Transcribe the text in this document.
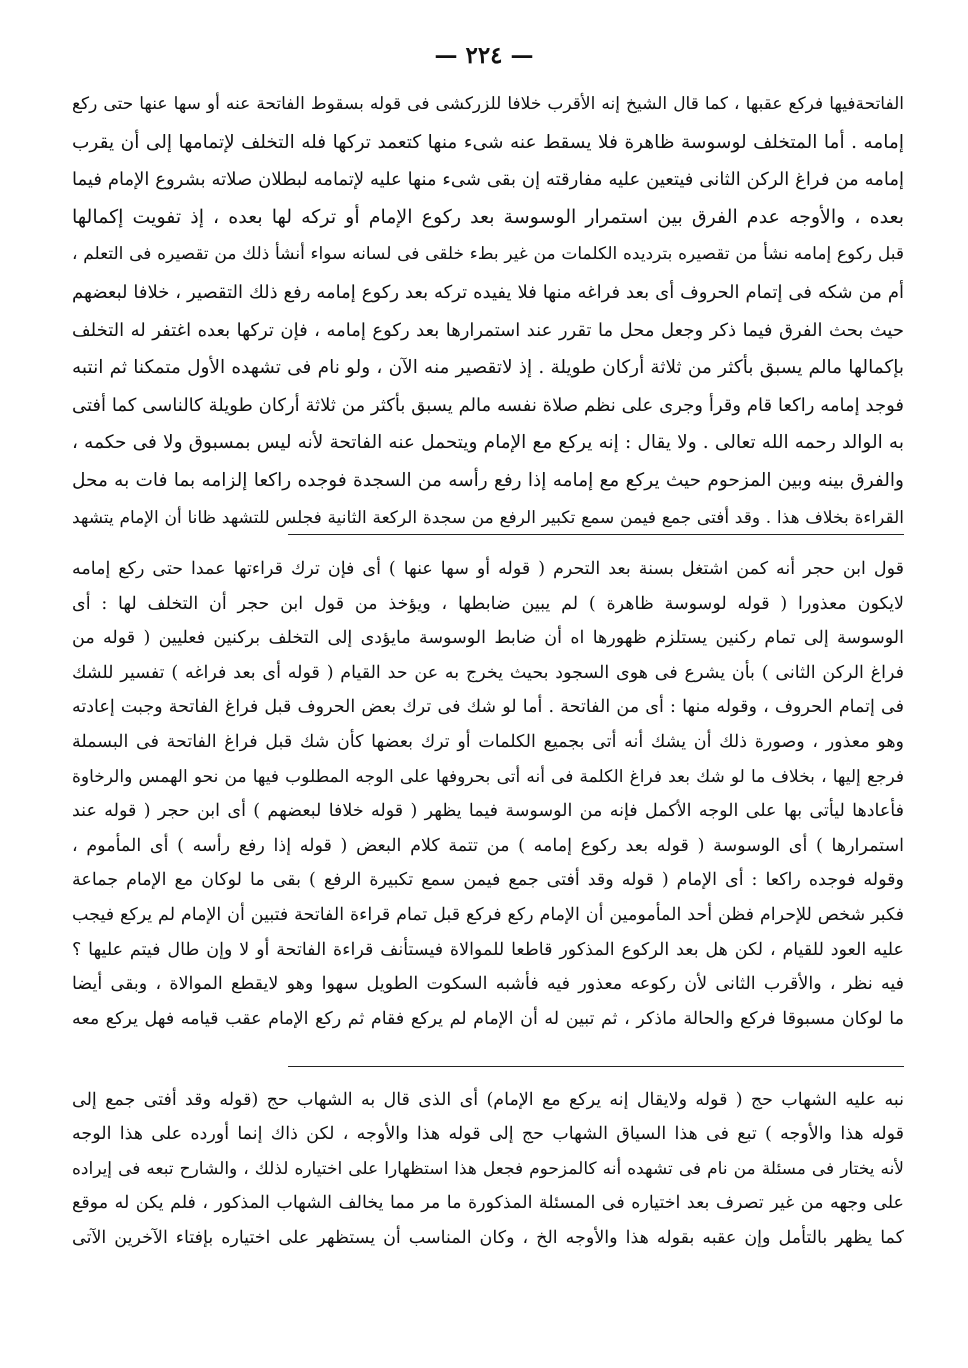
— ٢٢٤ —
الفاتحةفيها فركع عقبها ، كما قال الشيخ إنه الأقرب خلافا للزركشى فى قوله بسقوط الفاتحة عنه أو سها عنها حتى ركع
إمامه . أما المتخلف لوسوسة ظاهرة فلا يسقط عنه شىء منها كتعمد تركها فله التخلف لإتمامها إلى أن يقرب
إمامه من فراغ الركن الثانى فيتعين عليه مفارقته إن بقى شىء منها عليه لإتمامه لبطلان صلاته بشروع الإمام فيما
بعده ، والأوجه عدم الفرق بين استمرار الوسوسة بعد ركوع الإمام أو تركه لها بعده ، إذ تفويت إكمالها
قبل ركوع إمامه نشأ من تقصيره بترديده الكلمات من غير بطء خلقى فى لسانه سواء أنشأ ذلك من تقصيره فى التعلم ،
أم من شكه فى إتمام الحروف أى بعد فراغه منها فلا يفيده تركه بعد ركوع إمامه رفع ذلك التقصير ، خلافا لبعضهم
حيث بحث الفرق فيما ذكر وجعل محل ما تقرر عند استمرارها بعد ركوع إمامه ، فإن تركها بعده اغتفر له التخلف
بإكمالها مالم يسبق بأكثر من ثلاثة أركان طويلة . إذ لاتقصير منه الآن ، ولو نام فى تشهده الأول متمكنا ثم انتبه
فوجد إمامه راكعا قام وقرأ وجرى على نظم صلاة نفسه مالم يسبق بأكثر من ثلاثة أركان طويلة كالناسى كما أفتى
به الوالد رحمه الله تعالى . ولا يقال : إنه يركع مع الإمام ويتحمل عنه الفاتحة لأنه ليس بمسبوق ولا فى حكمه ،
والفرق بينه وبين المزحوم حيث يركع مع إمامه إذا رفع رأسه من السجدة فوجده راكعا إلزامه بما فات به محل
القراءة بخلاف هذا . وقد أفتى جمع فيمن سمع تكبير الرفع من سجدة الركعة الثانية فجلس للتشهد ظانا أن الإمام يتشهد
قول ابن حجر أنه كمن اشتغل بسنة بعد التحرم ( قوله أو سها عنها ) أى فإن ترك قراءتها عمدا حتى ركع إمامه
لايكون معذورا ( قوله لوسوسة ظاهرة ) لم يبين ضابطها ، ويؤخذ من قول ابن حجر أن التخلف لها : أى
الوسوسة إلى تمام ركنين يستلزم ظهورها اه أن ضابط الوسوسة مايؤدى إلى التخلف بركنين فعليين ( قوله من
فراغ الركن الثانى ) بأن يشرع فى هوى السجود بحيث يخرج به عن حد القيام ( قوله أى بعد فراغه ) تفسير للشك
فى إتمام الحروف ، وقوله منها : أى من الفاتحة . أما لو شك فى ترك بعض الحروف قبل فراغ الفاتحة وجبت إعادته
وهو معذور ، وصورة ذلك أن يشك أنه أتى بجميع الكلمات أو ترك بعضها كأن شك قبل فراغ الفاتحة فى البسملة
فرجع إليها ، بخلاف ما لو شك بعد فراغ الكلمة فى أنه أتى بحروفها على الوجه المطلوب فيها من نحو الهمس والرخاوة
فأعادها ليأتى بها على الوجه الأكمل فإنه من الوسوسة فيما يظهر ( قوله خلافا لبعضهم ) أى ابن حجر ( قوله عند
استمرارها ) أى الوسوسة ( قوله بعد ركوع إمامه ) من تتمة كلام البعض ( قوله إذا رفع رأسه ) أى المأموم ،
وقوله فوجده راكعا : أى الإمام ( قوله وقد أفتى جمع فيمن سمع تكبيرة الرفع ) بقى ما لوكان مع الإمام جماعة
فكبر شخص للإحرام فظن أحد المأمومين أن الإمام ركع فركع قبل تمام قراءة الفاتحة فتبين أن الإمام لم يركع فيجب
عليه العود للقيام ، لكن هل بعد الركوع المذكور قاطعا للموالاة فيستأنف قراءة الفاتحة أو لا وإن طال فيتم عليها ؟
فيه نظر ، والأقرب الثانى لأن ركوعه معذور فيه فأشبه السكوت الطويل سهوا وهو لايقطع الموالاة ، وبقى أيضا
ما لوكان مسبوقا فركع والحالة ماذكر ، ثم تبين له أن الإمام لم يركع فقام ثم ركع الإمام عقب قيامه فهل يركع معه
نبه عليه الشهاب حج ( قوله ولايقال إنه يركع مع الإمام) أى الذى قال به الشهاب حج (قوله وقد أفتى جمع إلى
قوله هذا والأوجه ) تبع فى هذا السياق الشهاب حج إلى قوله هذا والأوجه ، لكن ذاك إنما أورده على هذا الوجه
لأنه يختار فى مسئلة من نام فى تشهده أنه كالمزحوم فجعل هذا استظهارا على اختياره لذلك ، والشارح تبعه فى إيراده
على وجهه من غير تصرف بعد اختياره فى المسئلة المذكورة ما مر مما يخالف الشهاب المذكور ، فلم يكن له موقع
كما يظهر بالتأمل وإن عقبه بقوله هذا والأوجه الخ ، وكان المناسب أن يستظهر على اختياره بإفتاء الآخرين الآتى
